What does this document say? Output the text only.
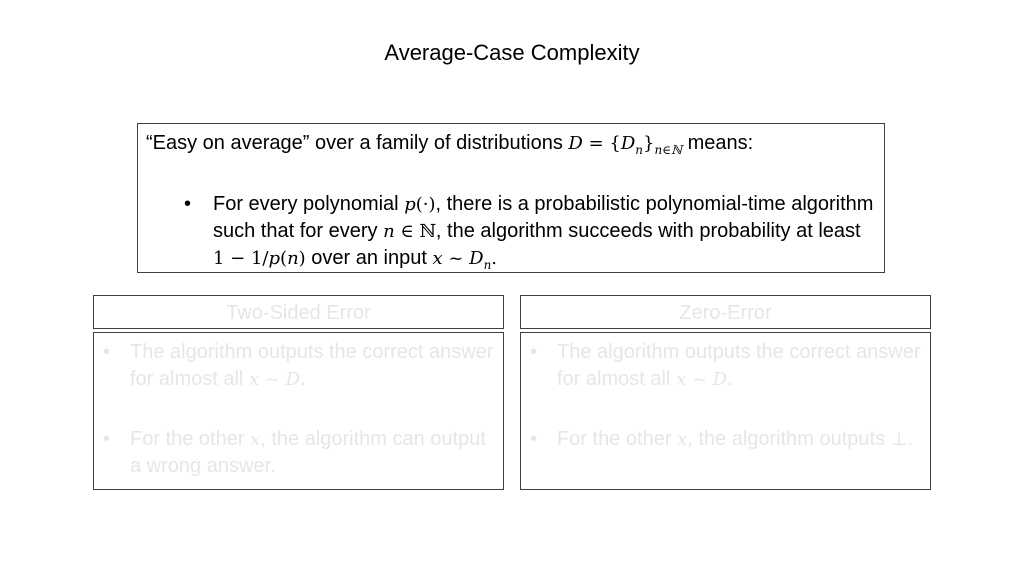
Average-Case Complexity
“Easy on average” over a family of distributions $D = \{D_n\}_{n\in ℕ}$ means:
• For every polynomial p(·), there is a probabilistic polynomial-time algorithm such that for every n ∈ ℕ, the algorithm succeeds with probability at least 1 − 1/p(n) over an input x ~ $D_n$.
Two-Sided Error
• The algorithm outputs the correct answer for almost all x ~ D.
• For the other x, the algorithm can output a wrong answer.
Zero-Error
• The algorithm outputs the correct answer for almost all x ~ D.
• For the other x, the algorithm outputs ⊥.
